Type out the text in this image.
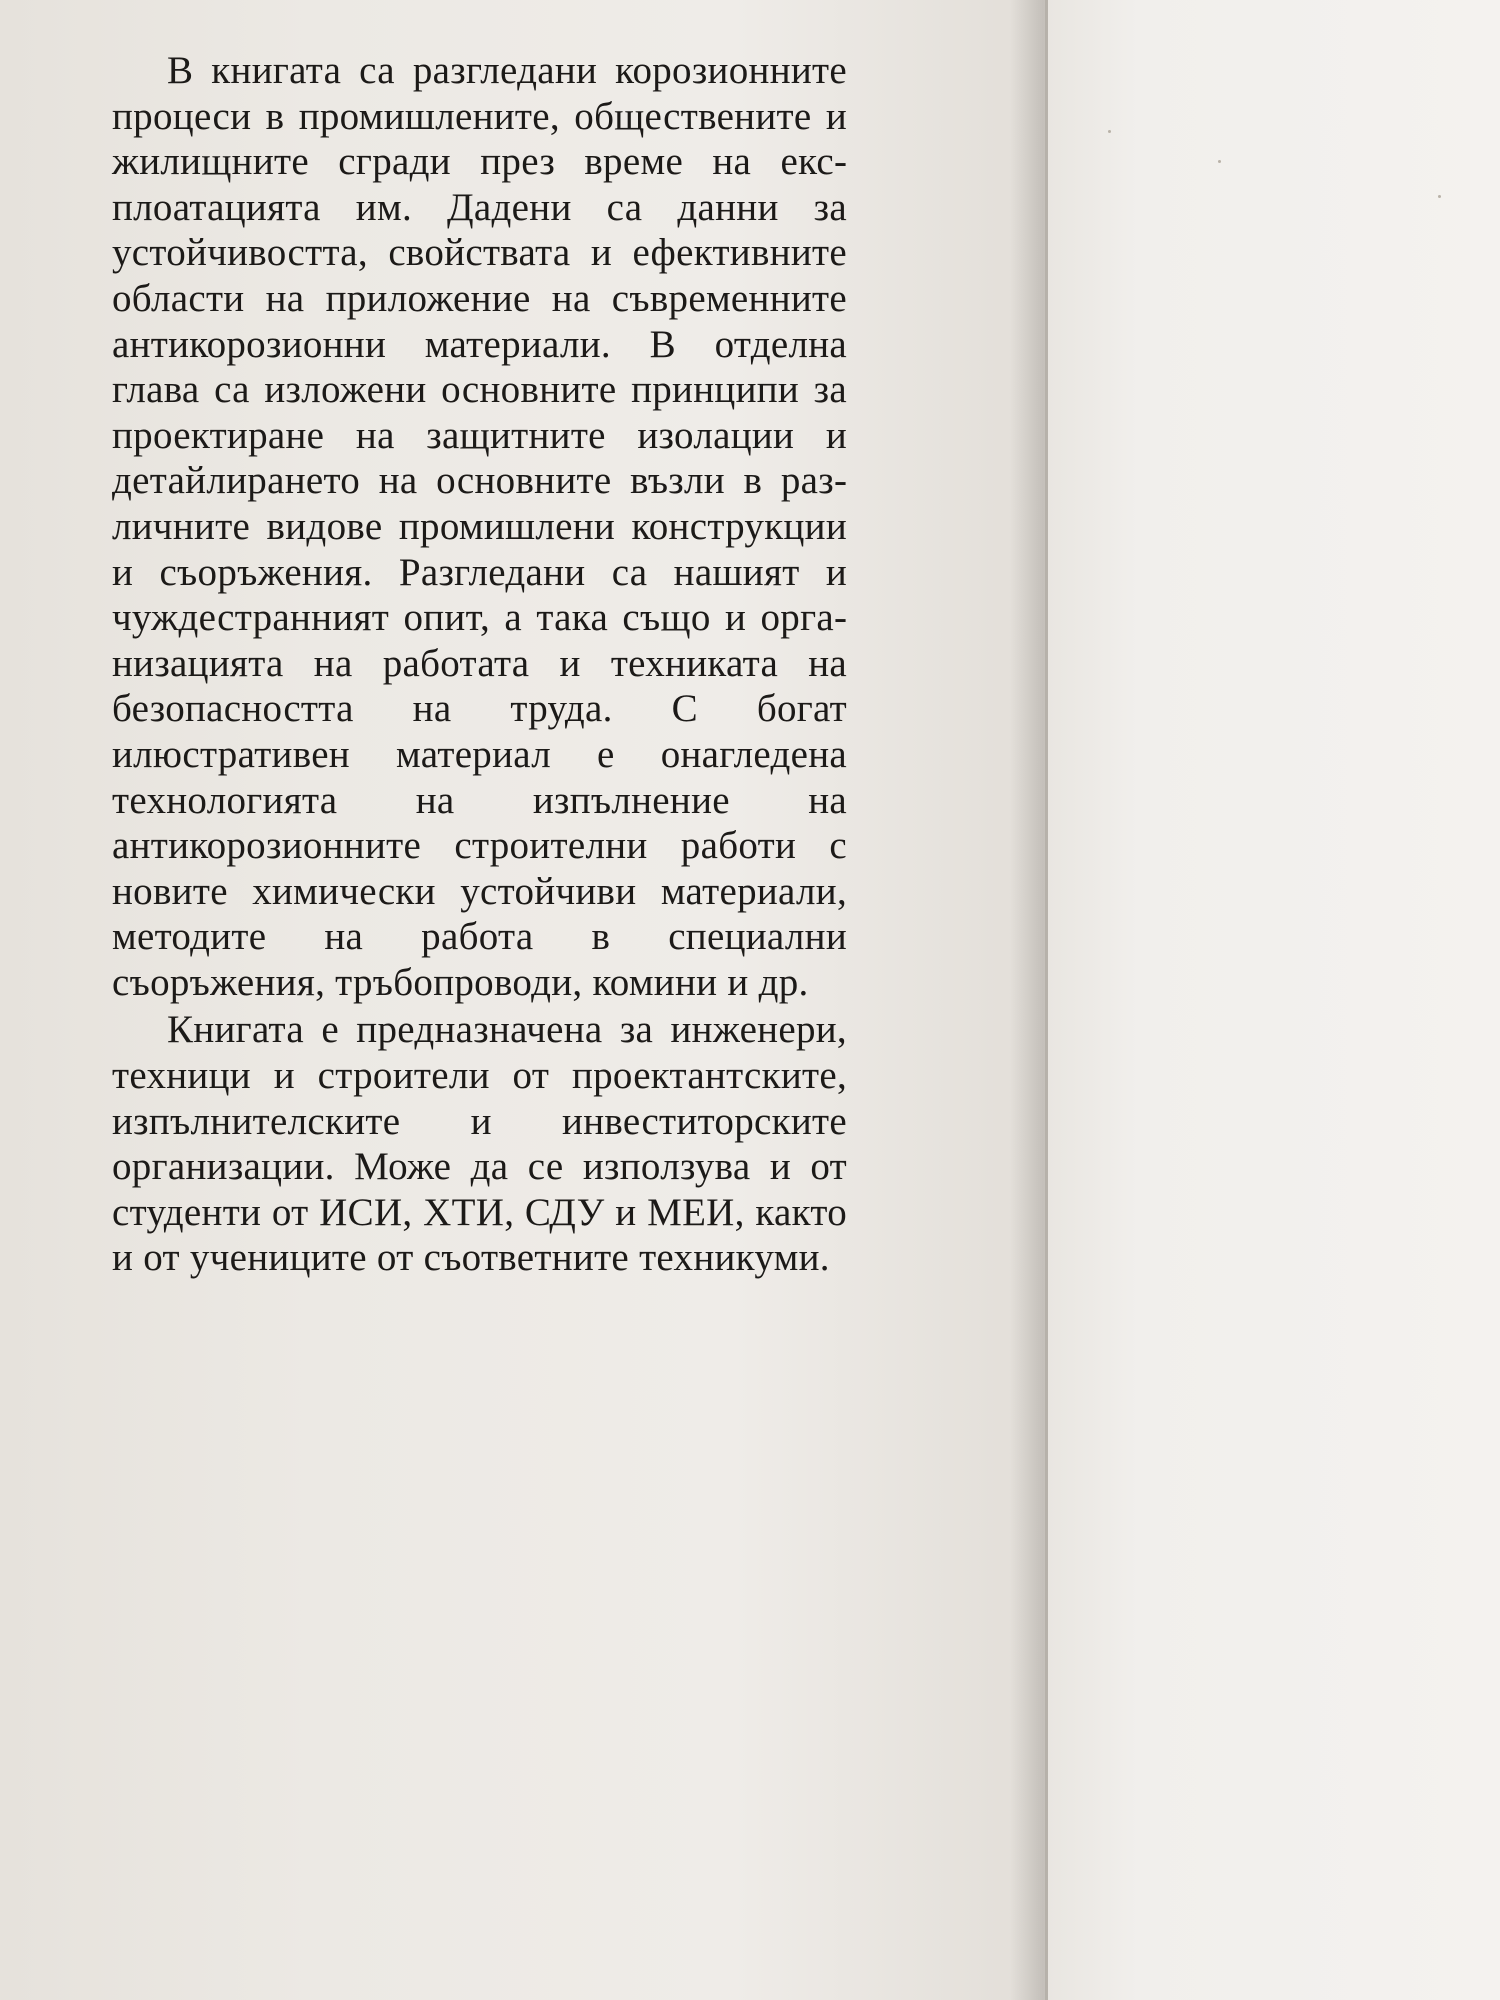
В книгата са разгледани корозионните процеси в промишлените, обществените и жилищните сгради през време на експлоатацията им. Дадени са данни за устойчивостта, свойствата и ефективните области на приложение на съвременните антикорозионни материали. В отделна глава са изложени основните принципи за проектиране на защитните изолации и детайлирането на основните възли в различните видове промишлени конструкции и съоръжения. Разгледани са нашият и чуждестранният опит, а така също и организацията на работата и техниката на безопасността на труда. С богат илюстративен материал е онагледена технологията на изпълнение на антикорозионните строителни работи с новите химически устойчиви материали, методите на работа в специални съоръжения, тръбопроводи, комини и др.

Книгата е предназначена за инженери, техници и строители от проектантските, изпълнителските и инвеститорските организации. Може да се използува и от студенти от ИСИ, ХТИ, СДУ и МЕИ, както и от учениците от съответните техникуми.
